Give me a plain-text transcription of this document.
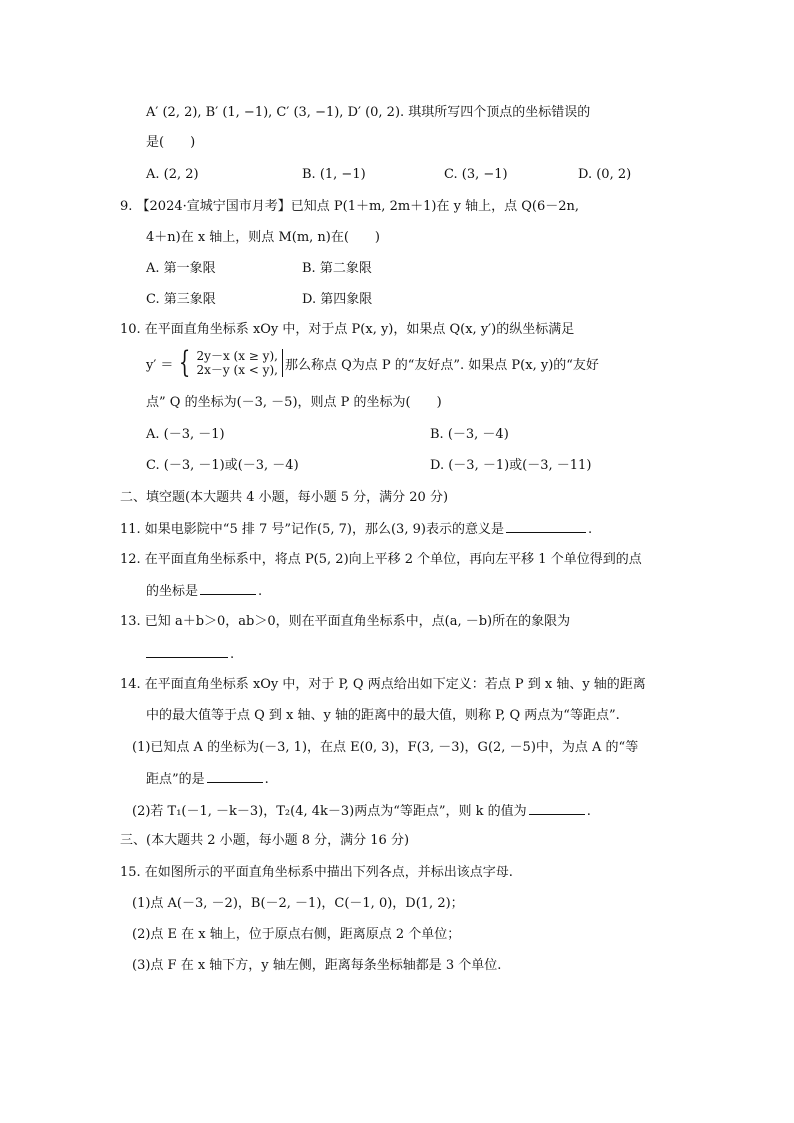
A′ (2, 2), B′ (1, −1), C′ (3, −1), D′ (0, 2). 琪琪所写四个顶点的坐标错误的
是(　　)
A. (2, 2)	B. (1, −1)	C. (3, −1)	D. (0, 2)
9. 【2024·宣城宁国市月考】已知点 P(1＋m, 2m＋1)在 y 轴上，点 Q(6－2n,
4＋n)在 x 轴上，则点 M(m, n)在(　　)
A. 第一象限	B. 第二象限
C. 第三象限	D. 第四象限
10. 在平面直角坐标系 xOy 中，对于点 P(x, y)，如果点 Q(x, y′)的纵坐标满足
y′ ＝ { 2y－x (x ≥ y),
2x－y (x < y), 那么称点 Q为点 P 的“友好点”. 如果点 P(x, y)的“友好
点” Q 的坐标为(－3, －5)，则点 P 的坐标为(　　)
A. (－3, －1)	B. (－3, －4)
C. (－3, －1)或(－3, －4)	D. (－3, －1)或(－3, －11)
二、填空题(本大题共 4 小题，每小题 5 分，满分 20 分)
11. 如果电影院中“5 排 7 号”记作(5, 7)，那么(3, 9)表示的意义是	.
12. 在平面直角坐标系中，将点 P(5, 2)向上平移 2 个单位，再向左平移 1 个单位得到的点
的坐标是	.
13. 已知 a＋b＞0，ab＞0，则在平面直角坐标系中，点(a, －b)所在的象限为
.
14. 在平面直角坐标系 xOy 中，对于 P, Q 两点给出如下定义：若点 P 到 x 轴、y 轴的距离
中的最大值等于点 Q 到 x 轴、y 轴的距离中的最大值，则称 P, Q 两点为“等距点”.
(1)已知点 A 的坐标为(－3, 1)，在点 E(0, 3)，F(3, －3)，G(2, －5)中，为点 A 的“等
距点”的是	.
(2)若 T₁(－1, －k－3)，T₂(4, 4k－3)两点为“等距点”，则 k 的值为	.
三、(本大题共 2 小题，每小题 8 分，满分 16 分)
15. 在如图所示的平面直角坐标系中描出下列各点，并标出该点字母.
(1)点 A(－3, －2)，B(－2, －1)，C(－1, 0)，D(1, 2)；
(2)点 E 在 x 轴上，位于原点右侧，距离原点 2 个单位；
(3)点 F 在 x 轴下方，y 轴左侧，距离每条坐标轴都是 3 个单位.
